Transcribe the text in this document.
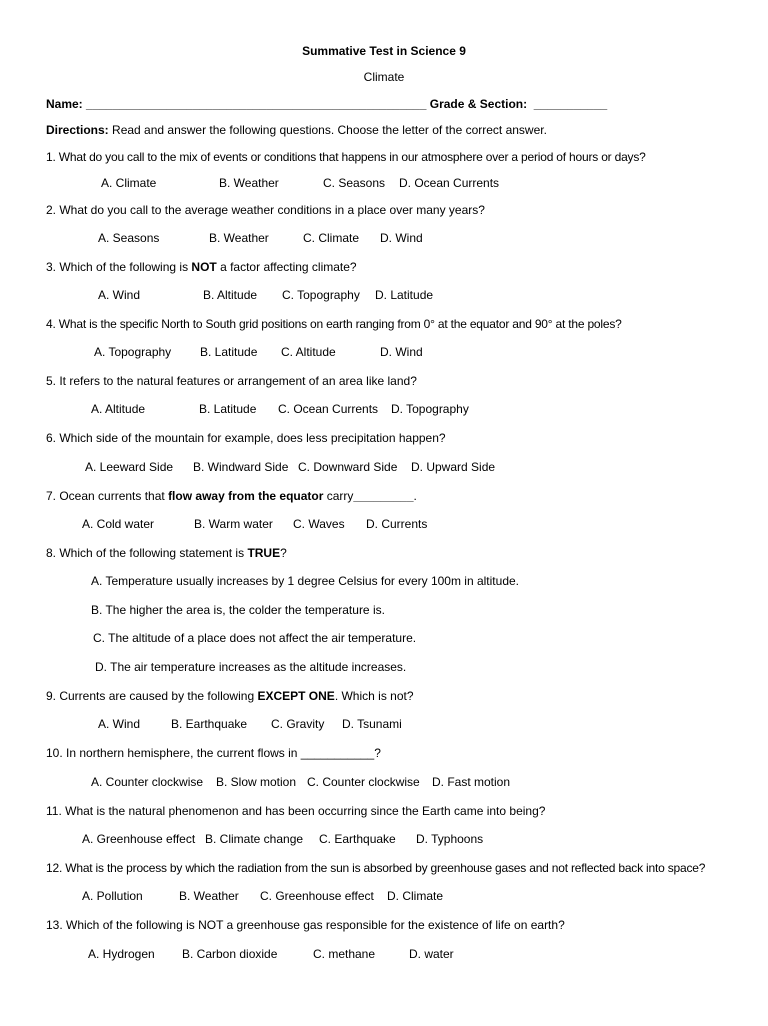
Summative Test in Science 9
Climate
Name: ___________________________________________________ Grade & Section: ___________
Directions: Read and answer the following questions. Choose the letter of the correct answer.
1. What do you call to the mix of events or conditions that happens in our atmosphere over a period of hours or days?

A. Climate

	B. Weather

	C. Seasons

D. Ocean Currents

2. What do you call to the average weather conditions in a place over many years?

A. Seasons

	B. Weather

	C. Climate

D. Wind

3. Which of the following is NOT a factor affecting climate?

A. Wind

	B. Altitude

C. Topography

D. Latitude

4. What is the specific North to South grid positions on earth ranging from 0° at the equator and 90° at the poles?

A. Topography

B. Latitude

C. Altitude

	D. Wind

5. It refers to the natural features or arrangement of an area like land?

A. Altitude

	B. Latitude

C. Ocean Currents

D. Topography

6. Which side of the mountain for example, does less precipitation happen?

A. Leeward Side

B. Windward Side

C. Downward Side

D. Upward Side

7. Ocean currents that flow away from the equator carry_________.

A. Cold water

	B. Warm water

C. Waves

D. Currents

8. Which of the following statement is TRUE?
A. Temperature usually increases by 1 degree Celsius for every 100m in altitude.
B. The higher the area is, the colder the temperature is.
C. The altitude of a place does not affect the air temperature.
D. The air temperature increases as the altitude increases.
9. Currents are caused by the following EXCEPT ONE. Which is not?

A. Wind

	B. Earthquake

C. Gravity

D. Tsunami

10. In northern hemisphere, the current flows in ___________?

A. Counter clockwise

B. Slow motion

C. Counter clockwise

D. Fast motion

11. What is the natural phenomenon and has been occurring since the Earth came into being?

A. Greenhouse effect

B. Climate change

C. Earthquake

D. Typhoons

12. What is the process by which the radiation from the sun is absorbed by greenhouse gases and not reflected back into space?

A. Pollution

	B. Weather

C. Greenhouse effect

D. Climate

13. Which of the following is NOT a greenhouse gas responsible for the existence of life on earth?

A. Hydrogen

B. Carbon dioxide

	C. methane

	D. water
